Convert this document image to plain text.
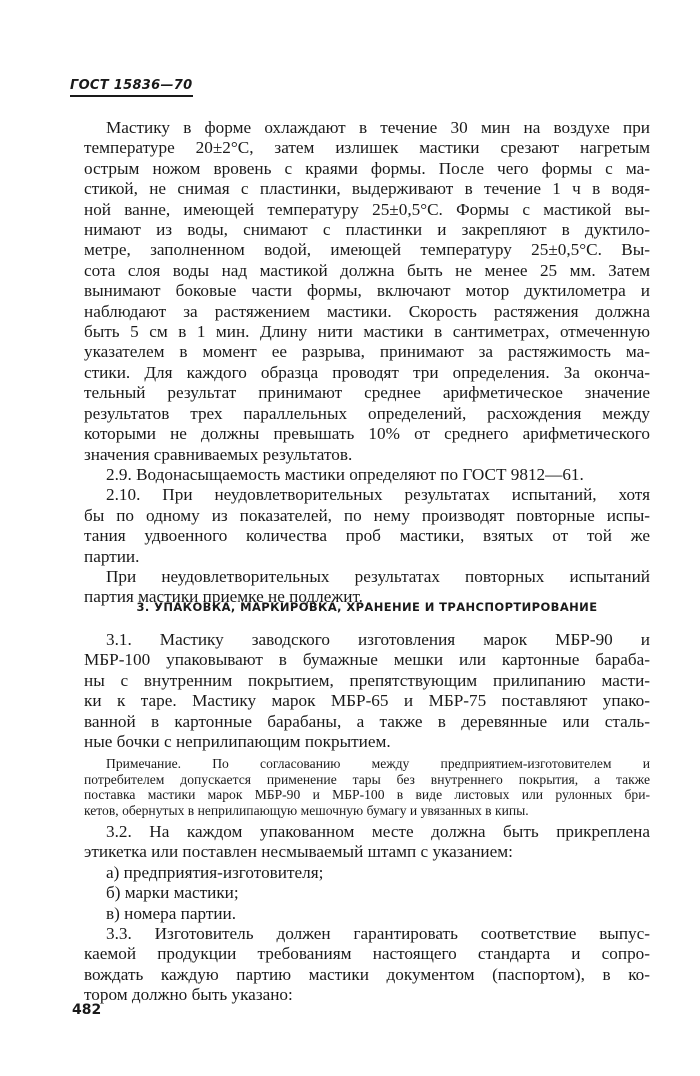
ГОСТ 15836—70
Мастику в форме охлаждают в течение 30 мин на воздухе при
температуре 20±2°С, затем излишек мастики срезают нагретым
острым ножом вровень с краями формы. После чего формы с ма-
стикой, не снимая с пластинки, выдерживают в течение 1 ч в водя-
ной ванне, имеющей температуру 25±0,5°С. Формы с мастикой вы-
нимают из воды, снимают с пластинки и закрепляют в дуктило-
метре, заполненном водой, имеющей температуру 25±0,5°С. Вы-
сота слоя воды над мастикой должна быть не менее 25 мм. Затем
вынимают боковые части формы, включают мотор дуктилометра и
наблюдают за растяжением мастики. Скорость растяжения должна
быть 5 см в 1 мин. Длину нити мастики в сантиметрах, отмеченную
указателем в момент ее разрыва, принимают за растяжимость ма-
стики. Для каждого образца проводят три определения. За оконча-
тельный результат принимают среднее арифметическое значение
результатов трех параллельных определений, расхождения между
которыми не должны превышать 10% от среднего арифметического
значения сравниваемых результатов.
2.9. Водонасыщаемость мастики определяют по ГОСТ 9812—61.
2.10. При неудовлетворительных результатах испытаний, хотя
бы по одному из показателей, по нему производят повторные испы-
тания удвоенного количества проб мастики, взятых от той же
партии.
При неудовлетворительных результатах повторных испытаний
партия мастики приемке не подлежит.
3. УПАКОВКА, МАРКИРОВКА, ХРАНЕНИЕ И ТРАНСПОРТИРОВАНИЕ
3.1. Мастику заводского изготовления марок МБР-90 и
МБР-100 упаковывают в бумажные мешки или картонные бараба-
ны с внутренним покрытием, препятствующим прилипанию масти-
ки к таре. Мастику марок МБР-65 и МБР-75 поставляют упако-
ванной в картонные барабаны, а также в деревянные или сталь-
ные бочки с неприлипающим покрытием.
Примечание. По согласованию между предприятием-изготовителем и
потребителем допускается применение тары без внутреннего покрытия, а также
поставка мастики марок МБР-90 и МБР-100 в виде листовых или рулонных бри-
кетов, обернутых в неприлипающую мешочную бумагу и увязанных в кипы.
3.2. На каждом упакованном месте должна быть прикреплена
этикетка или поставлен несмываемый штамп с указанием:
а) предприятия-изготовителя;
б) марки мастики;
в) номера партии.
3.3. Изготовитель должен гарантировать соответствие выпус-
каемой продукции требованиям настоящего стандарта и сопро-
вождать каждую партию мастики документом (паспортом), в ко-
тором должно быть указано:
482
